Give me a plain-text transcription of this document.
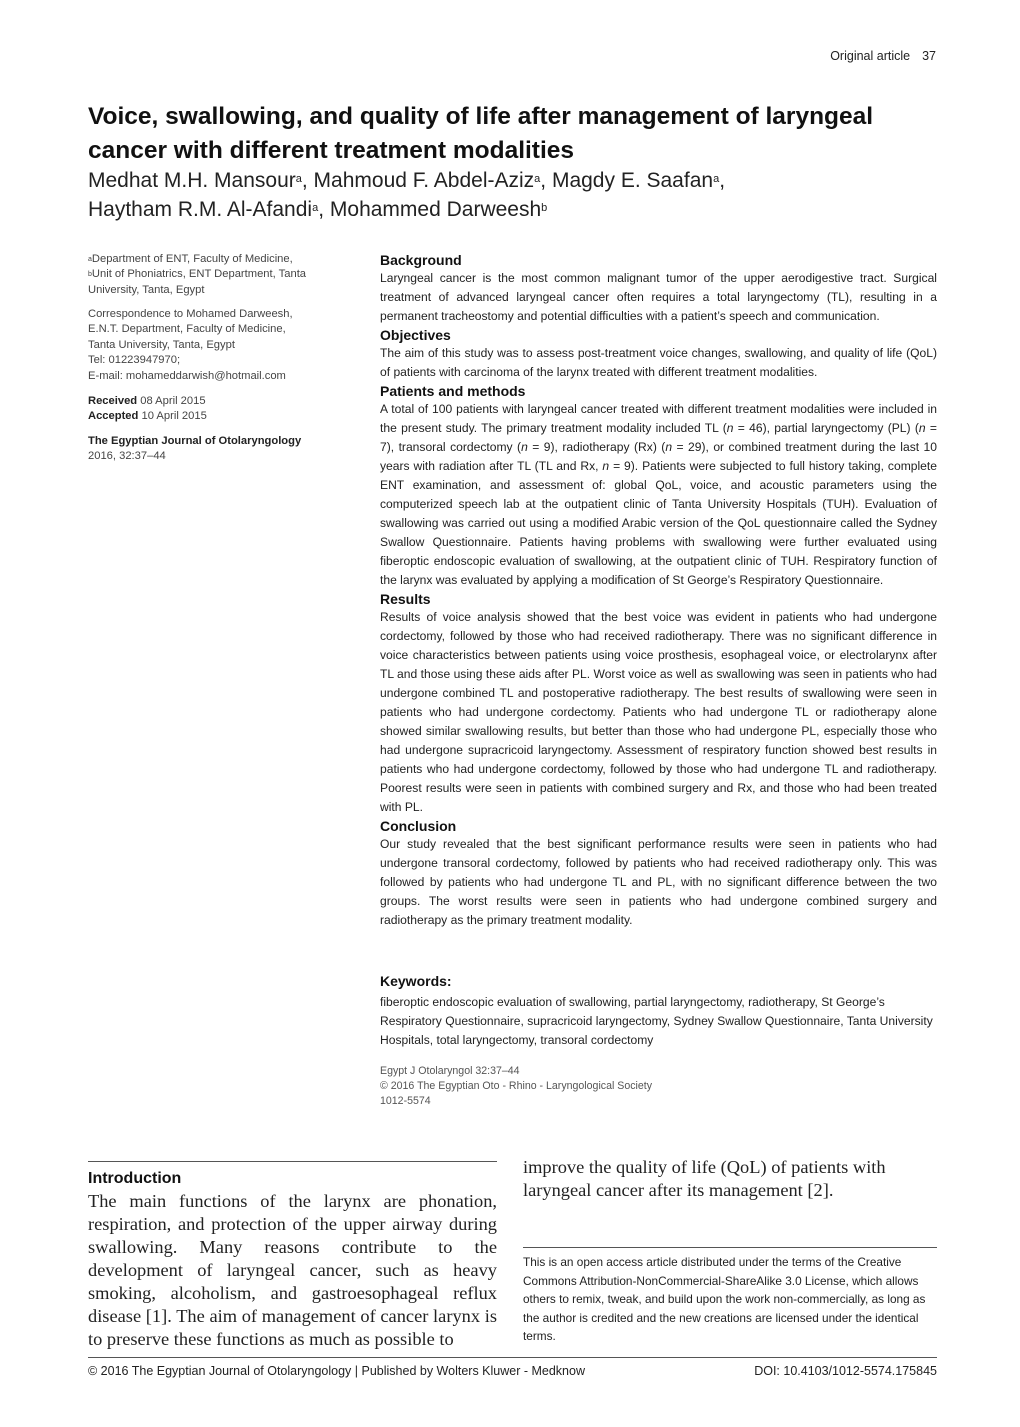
Original article 37
Voice, swallowing, and quality of life after management of laryngeal cancer with different treatment modalities
Medhat M.H. Mansour$^a$, Mahmoud F. Abdel-Aziz$^a$, Magdy E. Saafan$^a$,
Haytham R.M. Al-Afandi$^a$, Mohammed Darweesh$^b$
$^a$Department of ENT, Faculty of Medicine,
$^b$Unit of Phoniatrics, ENT Department, Tanta University, Tanta, Egypt
Correspondence to Mohamed Darweesh,
E.N.T. Department, Faculty of Medicine,
Tanta University, Tanta, Egypt
Tel: 01223947970;
E-mail: mohameddarwish@hotmail.com
Received 08 April 2015
Accepted 10 April 2015
The Egyptian Journal of Otolaryngology
2016, 32:37–44
Background

Laryngeal cancer is the most common malignant tumor of the upper aerodigestive tract. Surgical treatment of advanced laryngeal cancer often requires a total laryngectomy (TL), resulting in a permanent tracheostomy and potential difficulties with a patient’s speech and communication.

Objectives

The aim of this study was to assess post-treatment voice changes, swallowing, and quality of life (QoL) of patients with carcinoma of the larynx treated with different treatment modalities.

Patients and methods

A total of 100 patients with laryngeal cancer treated with different treatment modalities were included in the present study. The primary treatment modality included TL (n = 46), partial laryngectomy (PL) (n = 7), transoral cordectomy (n = 9), radiotherapy (Rx) (n = 29), or combined treatment during the last 10 years with radiation after TL (TL and Rx, n = 9). Patients were subjected to full history taking, complete ENT examination, and assessment of: global QoL, voice, and acoustic parameters using the computerized speech lab at the outpatient clinic of Tanta University Hospitals (TUH). Evaluation of swallowing was carried out using a modified Arabic version of the QoL questionnaire called the Sydney Swallow Questionnaire. Patients having problems with swallowing were further evaluated using fiberoptic endoscopic evaluation of swallowing, at the outpatient clinic of TUH. Respiratory function of the larynx was evaluated by applying a modification of St George’s Respiratory Questionnaire.

Results

Results of voice analysis showed that the best voice was evident in patients who had undergone cordectomy, followed by those who had received radiotherapy. There was no significant difference in voice characteristics between patients using voice prosthesis, esophageal voice, or electrolarynx after TL and those using these aids after PL. Worst voice as well as swallowing was seen in patients who had undergone combined TL and postoperative radiotherapy. The best results of swallowing were seen in patients who had undergone cordectomy. Patients who had undergone TL or radiotherapy alone showed similar swallowing results, but better than those who had undergone PL, especially those who had undergone supracricoid laryngectomy. Assessment of respiratory function showed best results in patients who had undergone cordectomy, followed by those who had undergone TL and radiotherapy. Poorest results were seen in patients with combined surgery and Rx, and those who had been treated with PL.

Conclusion

Our study revealed that the best significant performance results were seen in patients who had undergone transoral cordectomy, followed by patients who had received radiotherapy only. This was followed by patients who had undergone TL and PL, with no significant difference between the two groups. The worst results were seen in patients who had undergone combined surgery and radiotherapy as the primary treatment modality.

Keywords:

fiberoptic endoscopic evaluation of swallowing, partial laryngectomy, radiotherapy, St George’s Respiratory Questionnaire, supracricoid laryngectomy, Sydney Swallow Questionnaire, Tanta University Hospitals, total laryngectomy, transoral cordectomy

Egypt J Otolaryngol 32:37–44
© 2016 The Egyptian Oto - Rhino - Laryngological Society
1012-5574
Introduction

The main functions of the larynx are phonation, respiration, and protection of the upper airway during swallowing. Many reasons contribute to the development of laryngeal cancer, such as heavy smoking, alcoholism, and gastroesophageal reflux disease [1]. The aim of management of cancer larynx is to preserve these functions as much as possible to

improve the quality of life (QoL) of patients with laryngeal cancer after its management [2].

This is an open access article distributed under the terms of the Creative Commons Attribution-NonCommercial-ShareAlike 3.0 License, which allows others to remix, tweak, and build upon the work non-commercially, as long as the author is credited and the new creations are licensed under the identical terms.

© 2016 The Egyptian Journal of Otolaryngology | Published by Wolters Kluwer - Medknow	DOI: 10.4103/1012-5574.175845
